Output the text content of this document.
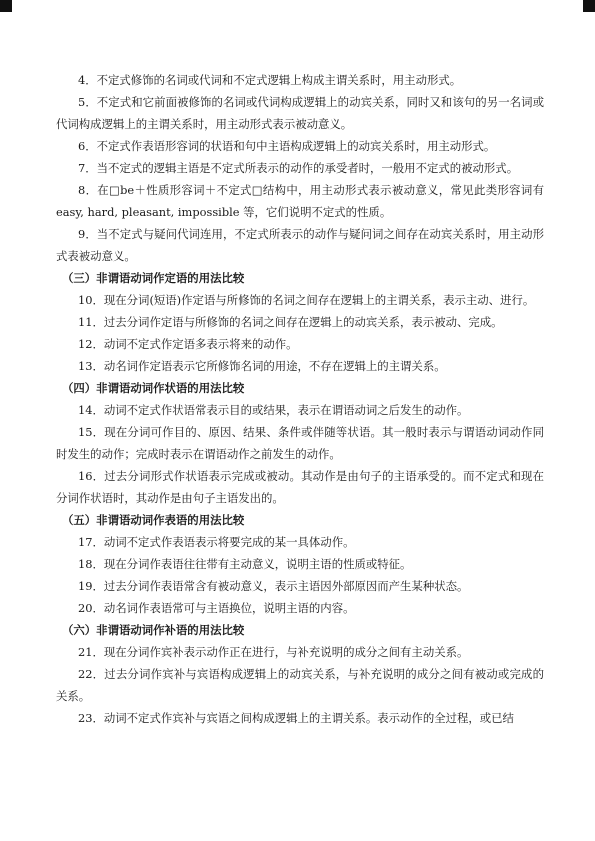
4．不定式修饰的名词或代词和不定式逻辑上构成主谓关系时，用主动形式。

5．不定式和它前面被修饰的名词或代词构成逻辑上的动宾关系，同时又和该句的另一名词或代词构成逻辑上的主谓关系时，用主动形式表示被动意义。

6．不定式作表语形容词的状语和句中主语构成逻辑上的动宾关系时，用主动形式。

7．当不定式的逻辑主语是不定式所表示的动作的承受者时，一般用不定式的被动形式。

8．在□be＋性质形容词＋不定式□结构中，用主动形式表示被动意义，常见此类形容词有easy, hard, pleasant, impossible 等，它们说明不定式的性质。

9．当不定式与疑问代词连用，不定式所表示的动作与疑问词之间存在动宾关系时，用主动形式表被动意义。

（三）非谓语动词作定语的用法比较

10．现在分词(短语)作定语与所修饰的名词之间存在逻辑上的主谓关系，表示主动、进行。

11．过去分词作定语与所修饰的名词之间存在逻辑上的动宾关系，表示被动、完成。

12．动词不定式作定语多表示将来的动作。

13．动名词作定语表示它所修饰名词的用途，不存在逻辑上的主谓关系。

（四）非谓语动词作状语的用法比较

14．动词不定式作状语常表示目的或结果，表示在谓语动词之后发生的动作。

15．现在分词可作目的、原因、结果、条件或伴随等状语。其一般时表示与谓语动词动作同时发生的动作；完成时表示在谓语动作之前发生的动作。

16．过去分词形式作状语表示完成或被动。其动作是由句子的主语承受的。而不定式和现在分词作状语时，其动作是由句子主语发出的。

（五）非谓语动词作表语的用法比较

17．动词不定式作表语表示将要完成的某一具体动作。

18．现在分词作表语往往带有主动意义，说明主语的性质或特征。

19．过去分词作表语常含有被动意义，表示主语因外部原因而产生某种状态。

20．动名词作表语常可与主语换位，说明主语的内容。

（六）非谓语动词作补语的用法比较

21．现在分词作宾补表示动作正在进行，与补充说明的成分之间有主动关系。

22．过去分词作宾补与宾语构成逻辑上的动宾关系，与补充说明的成分之间有被动或完成的关系。

23．动词不定式作宾补与宾语之间构成逻辑上的主谓关系。表示动作的全过程，或已结
